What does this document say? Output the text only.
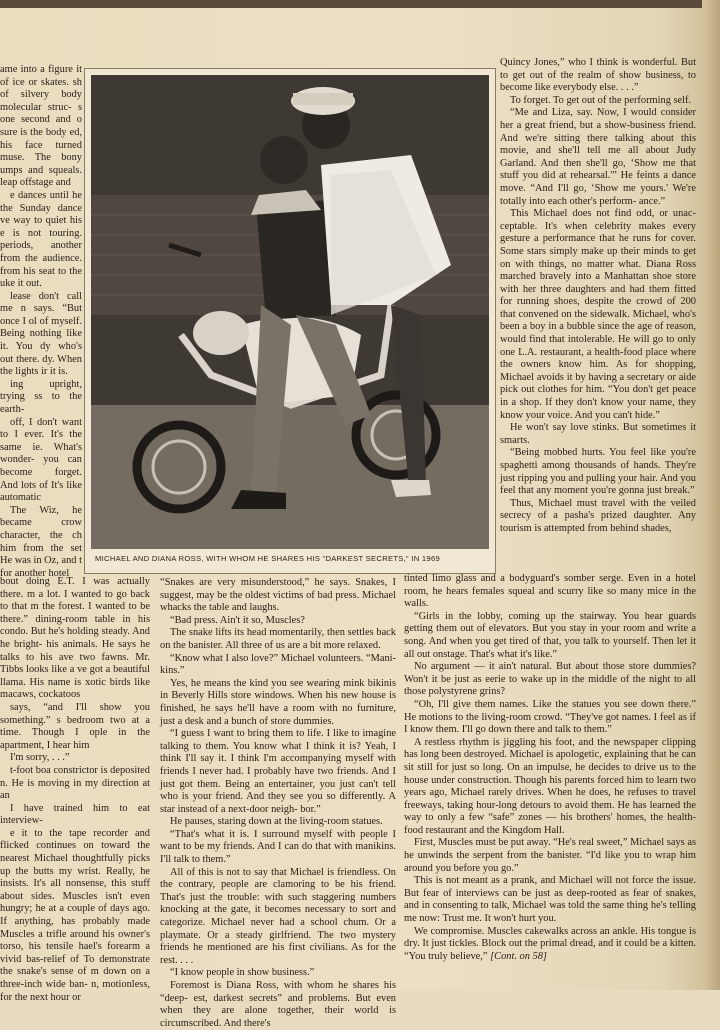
ame into a figure it of ice or skates. sh of silvery body molecular struc- s one second and o sure is the body ed, his face turned muse. The bony umps and squeals. leap offstage and

e dances until he the Sunday dance ve way to quiet his e is not touring. periods, another from the audience. from his seat to the uke it out.

lease don't call me n says. “But once I ol of myself. Being nothing like it. You dy who's out there. dy. When the lights ir it is.

ing upright, trying ss to the earth-

off, I don't want to I ever. It's the same ie. What's wonder- you can become forget. And lots of It's like automatic

The Wiz, he became crow character, the ch him from the set He was in Oz, and t for another hotel

MICHAEL AND DIANA ROSS, WITH WHOM HE SHARES HIS “DARKEST SECRETS,” IN 1969

Quincy Jones,” who I think is wonderful. But to get out of the realm of show business, to become like everybody else. . . .”

To forget. To get out of the performing self.

“Me and Liza, say. Now, I would consider her a great friend, but a show-business friend. And we're sitting there talking about this movie, and she'll tell me all about Judy Garland. And then she'll go, ‘Show me that stuff you did at rehearsal.'” He feints a dance move. “And I'll go, ‘Show me yours.' We're totally into each other's perform- ance.”

This Michael does not find odd, or unac- ceptable. It's when celebrity makes every gesture a performance that he runs for cover. Some stars simply make up their minds to get on with things, no matter what. Diana Ross marched bravely into a Manhattan shoe store with her three daughters and had them fitted for running shoes, despite the crowd of 200 that convened on the sidewalk. Michael, who's been a boy in a bubble since the age of reason, would find that intolerable. He will go to only one L.A. restaurant, a health-food place where the owners know him. As for shopping, Michael avoids it by having a secretary or aide pick out clothes for him. “You don't get peace in a shop. If they don't know your name, they know your voice. And you can't hide.”

He won't say love stinks. But sometimes it smarts.

“Being mobbed hurts. You feel like you're spaghetti among thousands of hands. They're just ripping you and pulling your hair. And you feel that any moment you're gonna just break.”

Thus, Michael must travel with the veiled secrecy of a pasha's prized daughter. Any tourism is attempted from behind shades,

bout doing E.T. I was actually there. m a lot. I wanted to go back to that m the forest. I wanted to be there.” dining-room table in his condo. But he's holding steady. And he bright- his animals. He says he talks to his ave two fawns. Mr. Tibbs looks like a ve got a beautiful llama. His name is xotic birds like macaws, cockatoos

says, “and I'll show you something.” s bedroom two at a time. Though I ople in the apartment, I hear him

I'm sorry, . . .”

t-foot boa constrictor is deposited n. He is moving in my direction at an

I have trained him to eat interview-

e it to the tape recorder and flicked continues on toward the nearest Michael thoughtfully picks up the butts my wrist. Really, he insists. It's all nonsense, this stuff about sides. Muscles isn't even hungry; he at a couple of days ago. If anything, has probably made Muscles a trifle around his owner's torso, his tensile hael's forearm a vivid bas-relief of To demonstrate the snake's sense of m down on a three-inch wide ban- n, motionless, for the next hour or

“Snakes are very misunderstood,” he says. Snakes, I suggest, may be the oldest victims of bad press. Michael whacks the table and laughs.

“Bad press. Ain't it so, Muscles?

The snake lifts its head momentarily, then settles back on the banister. All three of us are a bit more relaxed.

“Know what I also love?” Michael volunteers. “Mani- kins.”

Yes, he means the kind you see wearing mink bikinis in Beverly Hills store windows. When his new house is finished, he says he'll have a room with no furniture, just a desk and a bunch of store dummies.

“I guess I want to bring them to life. I like to imagine talking to them. You know what I think it is? Yeah, I think I'll say it. I think I'm accompanying myself with friends I never had. I probably have two friends. And I just got them. Being an entertainer, you just can't tell who is your friend. And they see you so differently. A star instead of a next-door neigh- bor.”

He pauses, staring down at the living-room statues.

“That's what it is. I surround myself with people I want to be my friends. And I can do that with manikins. I'll talk to them.”

All of this is not to say that Michael is friendless. On the contrary, people are clamoring to be his friend. That's just the trouble: with such staggering numbers knocking at the gate, it becomes necessary to sort and categorize. Michael never had a school chum. Or a playmate. Or a steady girlfriend. The two mystery friends he mentioned are his first civilians. As for the rest. . . .

“I know people in show business.”

Foremost is Diana Ross, with whom he shares his “deep- est, darkest secrets” and problems. But even when they are alone together, their world is circumscribed. And there's

tinted limo glass and a bodyguard's somber serge. Even in a hotel room, he hears females squeal and scurry like so many mice in the walls.

“Girls in the lobby, coming up the stairway. You hear guards getting them out of elevators. But you stay in your room and write a song. And when you get tired of that, you talk to yourself. Then let it all out onstage. That's what it's like.”

No argument — it ain't natural. But about those store dummies? Won't it be just as eerie to wake up in the middle of the night to all those polystyrene grins?

“Oh, I'll give them names. Like the statues you see down there.” He motions to the living-room crowd. “They've got names. I feel as if I know them. I'll go down there and talk to them.”

A restless rhythm is jiggling his foot, and the newspaper clipping has long been destroyed. Michael is apologetic, explaining that he can sit still for just so long. On an impulse, he decides to drive us to the house under construction. Though his parents forced him to learn two years ago, Michael rarely drives. When he does, he refuses to travel freeways, taking hour-long detours to avoid them. He has learned the way to only a few “safe” zones — his brothers' homes, the health-food restaurant and the Kingdom Hall.

First, Muscles must be put away. “He's real sweet,” Michael says as he unwinds the serpent from the banister. “I'd like you to wrap him around you before you go.”

This is not meant as a prank, and Michael will not force the issue. But fear of interviews can be just as deep-rooted as fear of snakes, and in consenting to talk, Michael was told the same thing he's telling me now: Trust me. It won't hurt you.

We compromise. Muscles cakewalks across an ankle. His tongue is dry. It just tickles. Block out the primal dread, and it could be a kitten. “You truly believe,” [Cont. on 58]
